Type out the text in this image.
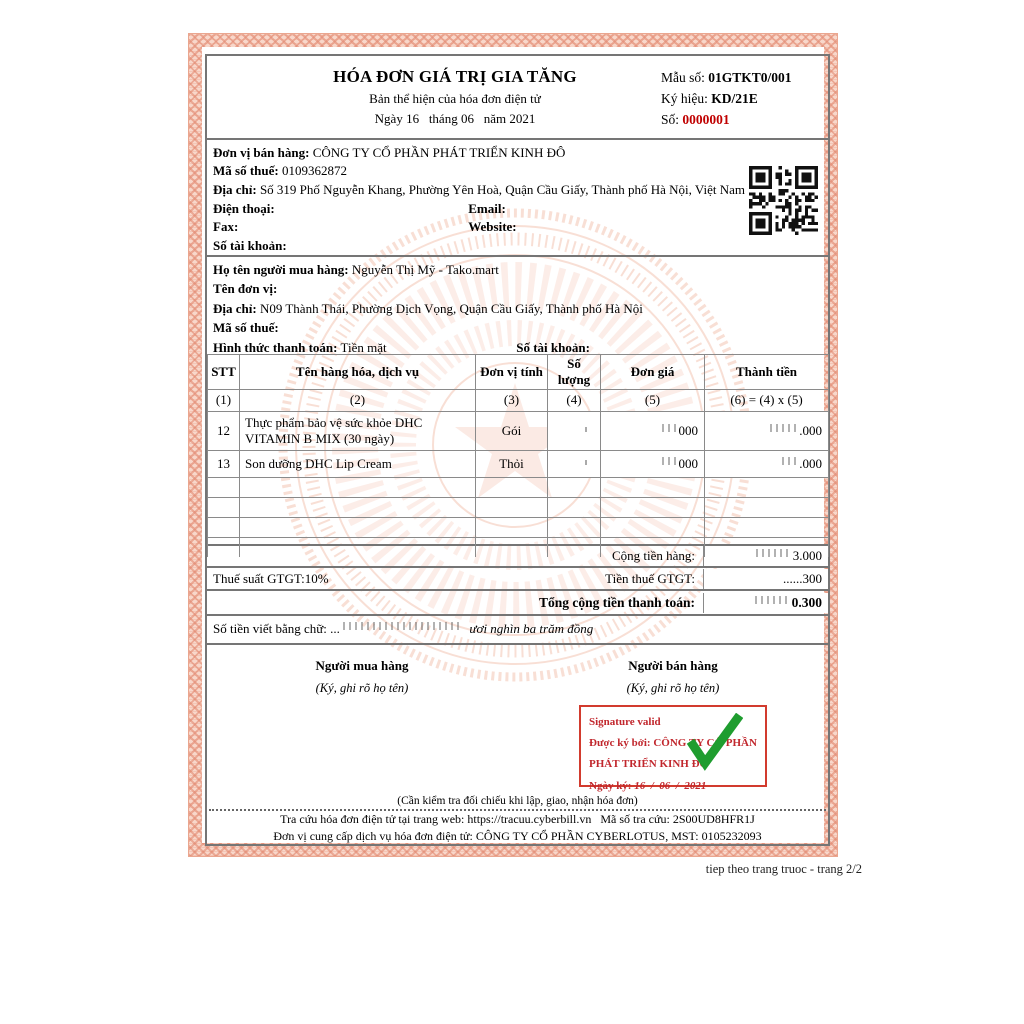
HÓA ĐƠN GIÁ TRỊ GIA TĂNG
Bản thể hiện của hóa đơn điện tử
Ngày 16   tháng 06   năm 2021
Mẫu số: 01GTKT0/001
Ký hiệu: KD/21E
Số: 0000001
Đơn vị bán hàng: CÔNG TY CỔ PHẦN PHÁT TRIỂN KINH ĐÔ
Mã số thuế: 0109362872
Địa chỉ: Số 319 Phố Nguyễn Khang, Phường Yên Hoà, Quận Cầu Giấy, Thành phố Hà Nội, Việt Nam
Điện thoại:	Email:
Fax:	Website:
Số tài khoản:
Họ tên người mua hàng: Nguyễn Thị Mỹ - Tako.mart
Tên đơn vị:
Địa chỉ: N09 Thành Thái, Phường Dịch Vọng, Quận Cầu Giấy, Thành phố Hà Nội
Mã số thuế:
Hình thức thanh toán: Tiền mặt	Số tài khoản:
STT	Tên hàng hóa, dịch vụ	Đơn vị tính	Số lượng	Đơn giá	Thành tiền
(1)	(2)	(3)	(4)	(5)	(6) = (4) x (5)
12	Thực phẩm bảo vệ sức khỏe DHC VITAMIN B MIX (30 ngày)	Gói		000	.000
13	Son dưỡng DHC Lip Cream	Thỏi		000	.000

Cộng tiền hàng:	3.000
Thuế suất GTGT:10%	Tiền thuế GTGT:	......300
Tổng cộng tiền thanh toán:	0.300
Số tiền viết bằng chữ: ...	ươi nghìn ba trăm đồng
Người mua hàng
(Ký, ghi rõ họ tên)
Người bán hàng
(Ký, ghi rõ họ tên)
Signature valid
Được ký bởi: CÔNG TY CỔ PHẦN PHÁT TRIỂN KINH ĐÔ
Ngày ký: 16  /  06  /  2021
(Cần kiểm tra đối chiếu khi lập, giao, nhận hóa đơn)
Tra cứu hóa đơn điện tử tại trang web: https://tracuu.cyberbill.vn   Mã số tra cứu: 2S00UD8HFR1J
Đơn vị cung cấp dịch vụ hóa đơn điện tử: CÔNG TY CỔ PHẦN CYBERLOTUS, MST: 0105232093
tiep theo trang truoc - trang 2/2
